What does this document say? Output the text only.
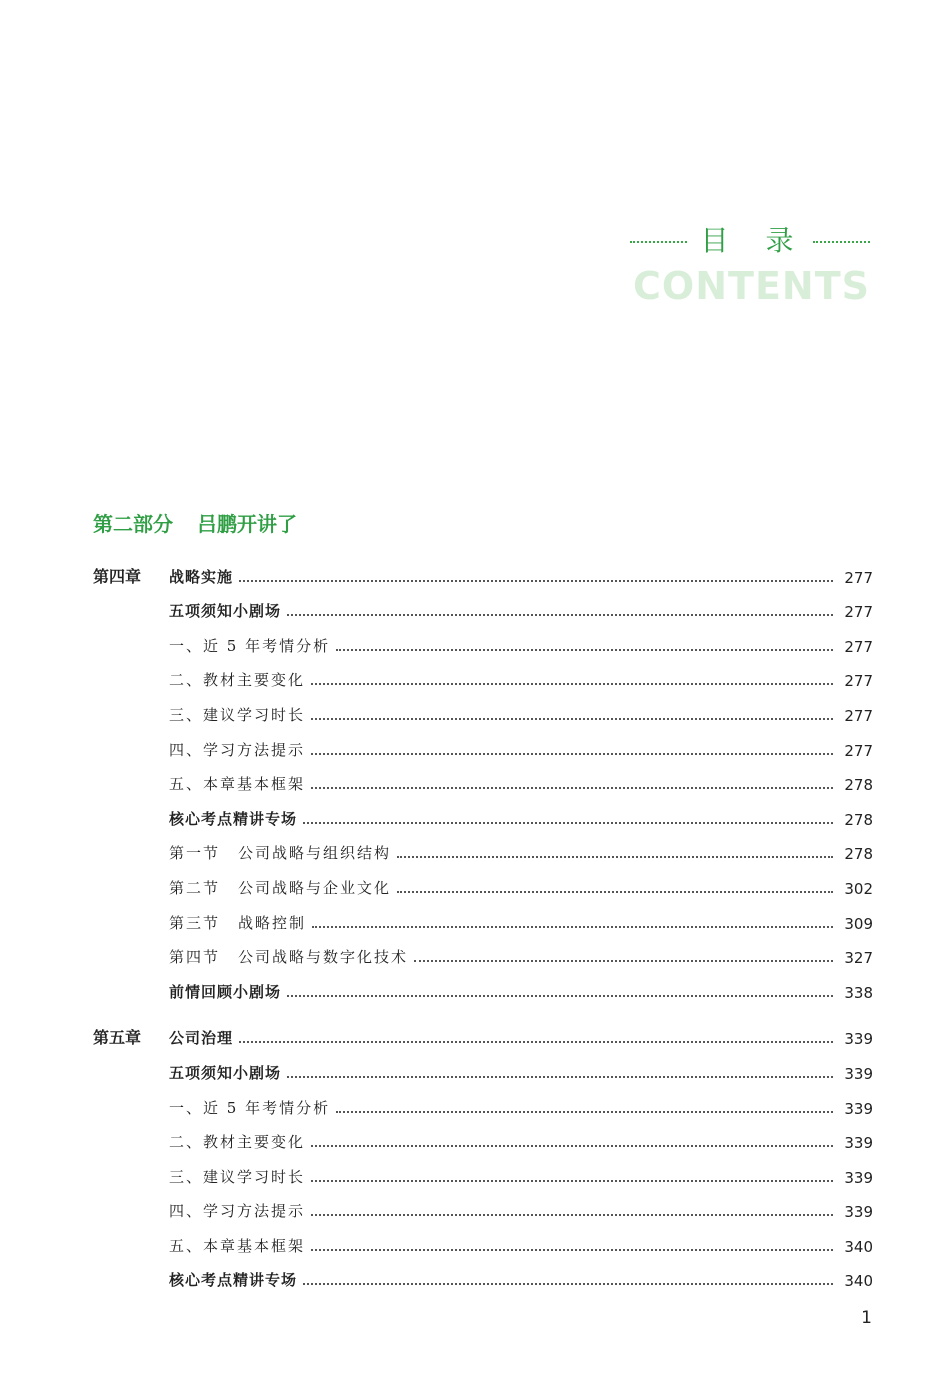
目 录
CONTENTS
第二部分 吕鹏开讲了
第四章	战略实施	277
五项须知小剧场	277
一、近 5 年考情分析	277
二、教材主要变化	277
三、建议学习时长	277
四、学习方法提示	277
五、本章基本框架	278
核心考点精讲专场	278
第一节 公司战略与组织结构	278
第二节 公司战略与企业文化	302
第三节 战略控制	309
第四节 公司战略与数字化技术	327
前情回顾小剧场	338
第五章	公司治理	339
五项须知小剧场	339
一、近 5 年考情分析	339
二、教材主要变化	339
三、建议学习时长	339
四、学习方法提示	339
五、本章基本框架	340
核心考点精讲专场	340
1
